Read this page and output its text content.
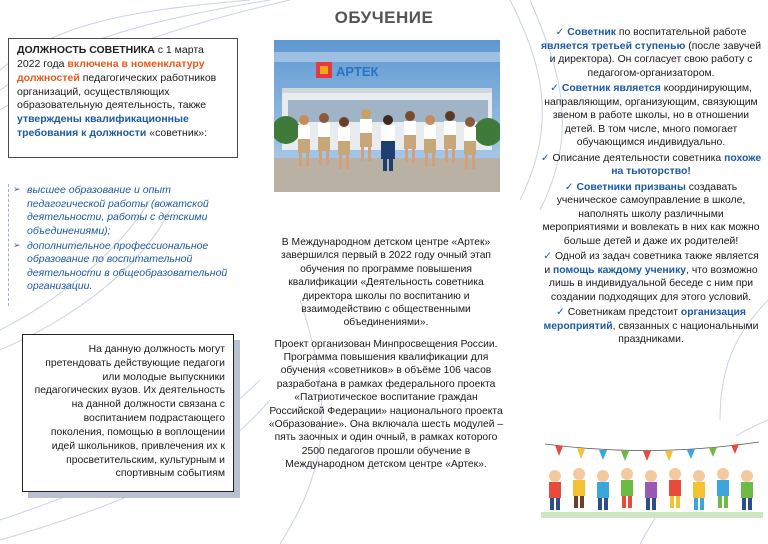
ДОЛЖНОСТЬ СОВЕТНИКА с 1 марта 2022 года включена в номенклатуру должностей педагогических работников организаций, осуществляющих образовательную деятельность, также утверждены квалификационные требования к должности «советник»:
➢ высшее образование и опыт педагогической работы (вожатской деятельности, работы с детскими объединениями);
➢ дополнительное профессиональное образование по воспитательной деятельности в общеобразовательной организации.
На данную должность могут претендовать действующие педагоги или молодые выпускники педагогических вузов. Их деятельность на данной должности связана с воспитанием подрастающего поколения, помощью в воплощении идей школьников, привлечения их к просветительским, культурным и спортивным событиям
ОБУЧЕНИЕ
АРТЕК

В Международном детском центре «Артек» завершился первый в 2022 году очный этап обучения по программе повышения квалификации «Деятельность советника директора школы по воспитанию и взаимодействию с общественными объединениями».

Проект организован Минпросвещения России. Программа повышения квалификации для обучения «советников» в объёме 106 часов разработана в рамках федерального проекта «Патриотическое воспитание граждан Российской Федерации» национального проекта «Образование». Она включала шесть модулей – пять заочных и один очный, в рамках которого 2500 педагогов прошли обучение в Международном детском центре «Артек».

✓ Советник по воспитательной работе является третьей ступенью (после завучей и директора). Он согласует свою работу с педагогом-организатором.

✓ Советник является координирующим, направляющим, организующим, связующим звеном в работе школы, но в отношении детей. В том числе, много помогает обучающимся индивидуально.

✓ Описание деятельности советника похоже на тьюторство!

✓ Советники призваны создавать ученическое самоуправление в школе, наполнять школу различными мероприятиями и вовлекать в них как можно больше детей и даже их родителей!

✓ Одной из задач советника также является и помощь каждому ученику, что возможно лишь в индивидуальной беседе с ним при создании подходящих для этого условий.

✓ Советникам предстоит организация мероприятий, связанных с национальными праздниками.
